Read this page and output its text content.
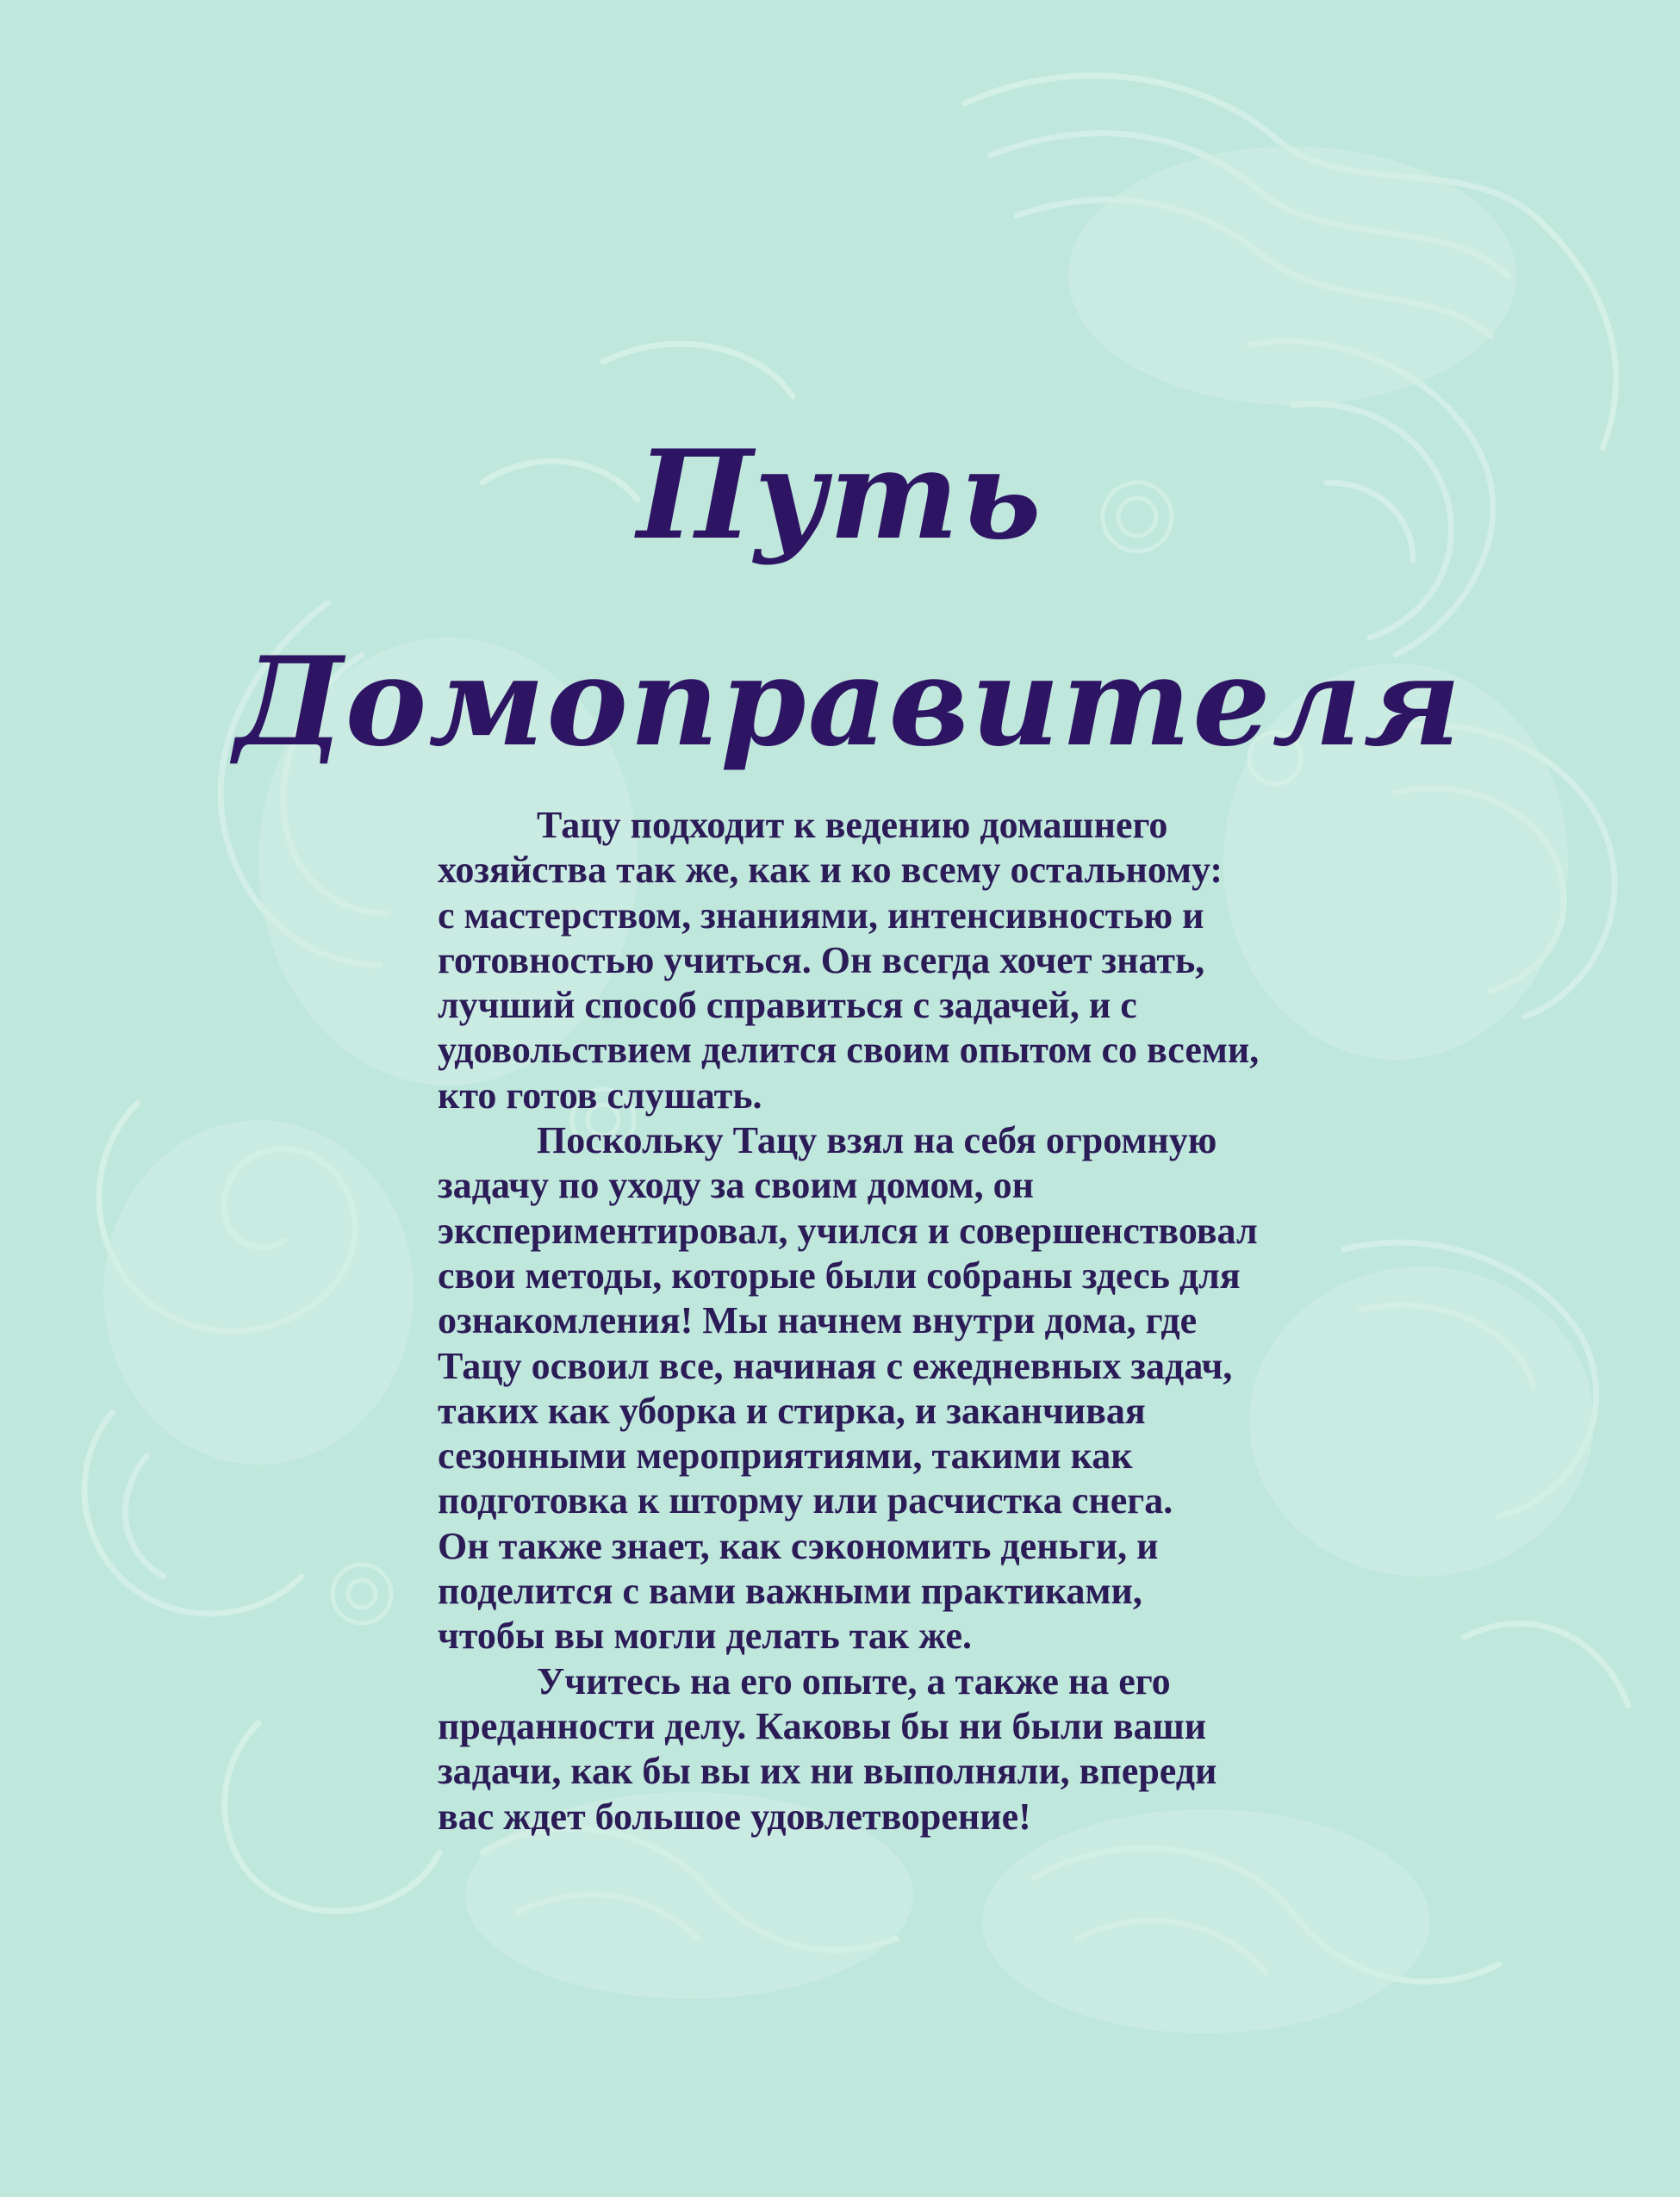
Путь
Домоправителя

Тацу подходит к ведению домашнего
хозяйства так же, как и ко всему остальному:
с мастерством, знаниями, интенсивностью и
готовностью учиться. Он всегда хочет знать,
лучший способ справиться с задачей, и с
удовольствием делится своим опытом со всеми,
кто готов слушать.

Поскольку Тацу взял на себя огромную
задачу по уходу за своим домом, он
экспериментировал, учился и совершенствовал
свои методы, которые были собраны здесь для
ознакомления! Мы начнем внутри дома, где
Тацу освоил все, начиная с ежедневных задач,
таких как уборка и стирка, и заканчивая
сезонными мероприятиями, такими как
подготовка к шторму или расчистка снега.
Он также знает, как сэкономить деньги, и
поделится с вами важными практиками,
чтобы вы могли делать так же.

Учитесь на его опыте, а также на его
преданности делу. Каковы бы ни были ваши
задачи, как бы вы их ни выполняли, впереди
вас ждет большое удовлетворение!
